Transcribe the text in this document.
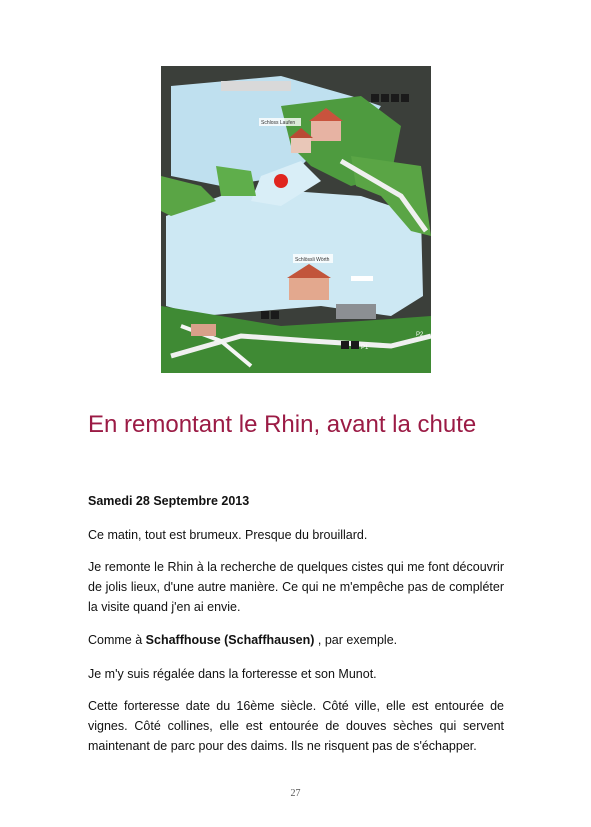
Schloss Laufen
Schlössli Wörth
P1
P2
En remontant le Rhin, avant la chute

Samedi 28 Septembre 2013

Ce matin, tout est brumeux. Presque du brouillard.

Je remonte le Rhin à la recherche de quelques cistes qui me font découvrir de jolis lieux, d'une autre manière. Ce qui ne m'empêche pas de compléter la visite quand j'en ai envie.

Comme à Schaffhouse (Schaffhausen) , par exemple.

Je m'y suis régalée dans la forteresse et son Munot.

Cette forteresse date du 16ème siècle. Côté ville, elle est entourée de vignes. Côté collines, elle est entourée de douves sèches qui servent maintenant de parc pour des daims. Ils ne risquent pas de s'échapper.

27
